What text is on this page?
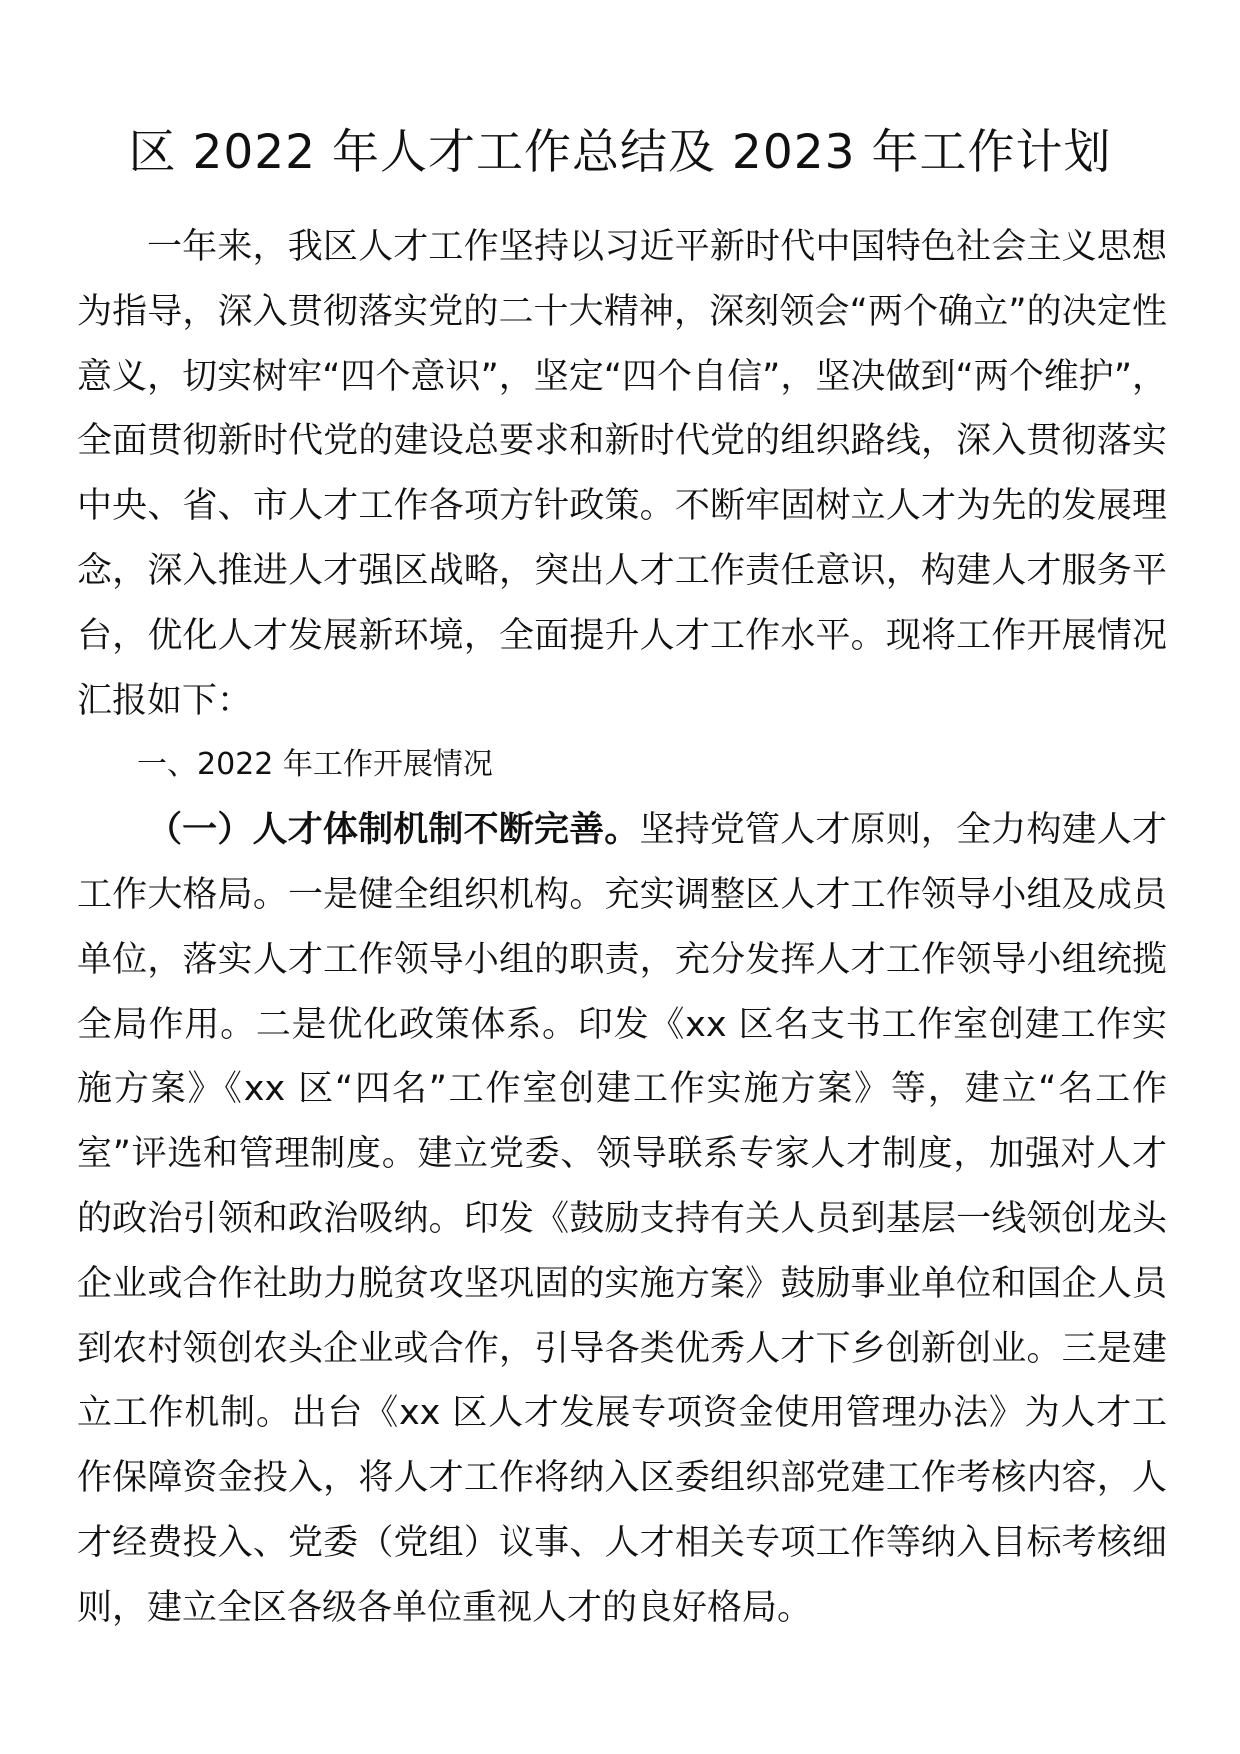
区 2022 年人才工作总结及 2023 年工作计划

一年来，我区人才工作坚持以习近平新时代中国特色社会主义思想为指导，深入贯彻落实党的二十大精神，深刻领会“两个确立”的决定性意义，切实树牢“四个意识”，坚定“四个自信”，坚决做到“两个维护”，全面贯彻新时代党的建设总要求和新时代党的组织路线，深入贯彻落实中央、省、市人才工作各项方针政策。不断牢固树立人才为先的发展理念，深入推进人才强区战略，突出人才工作责任意识，构建人才服务平台，优化人才发展新环境，全面提升人才工作水平。现将工作开展情况汇报如下：

一、2022 年工作开展情况

（一）人才体制机制不断完善。坚持党管人才原则，全力构建人才工作大格局。一是健全组织机构。充实调整区人才工作领导小组及成员单位，落实人才工作领导小组的职责，充分发挥人才工作领导小组统揽全局作用。二是优化政策体系。印发《xx 区名支书工作室创建工作实施方案》《xx 区“四名”工作室创建工作实施方案》等，建立“名工作室”评选和管理制度。建立党委、领导联系专家人才制度，加强对人才的政治引领和政治吸纳。印发《鼓励支持有关人员到基层一线领创龙头企业或合作社助力脱贫攻坚巩固的实施方案》鼓励事业单位和国企人员到农村领创农头企业或合作，引导各类优秀人才下乡创新创业。三是建立工作机制。出台《xx 区人才发展专项资金使用管理办法》为人才工作保障资金投入，将人才工作将纳入区委组织部党建工作考核内容，人才经费投入、党委（党组）议事、人才相关专项工作等纳入目标考核细则，建立全区各级各单位重视人才的良好格局。
